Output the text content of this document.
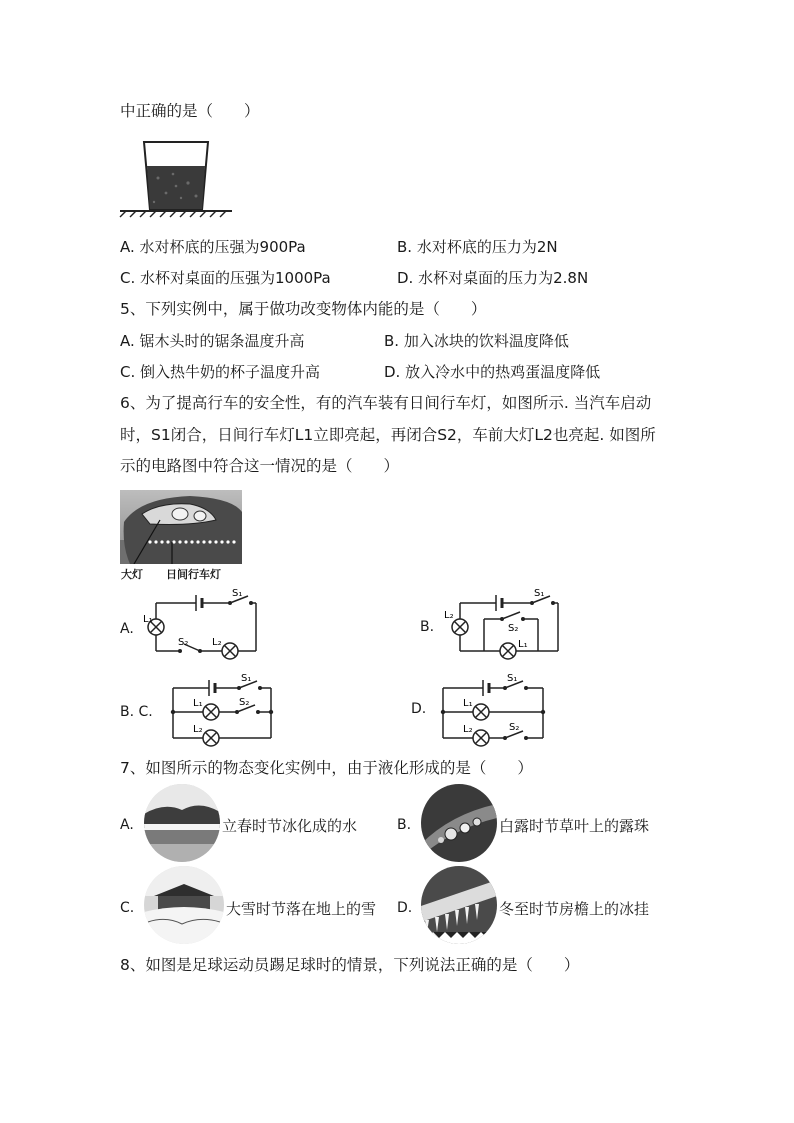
中正确的是（　　）
A. 水对杯底的压强为900Pa	B. 水对杯底的压力为2N
C. 水杯对桌面的压强为1000Pa	D. 水杯对桌面的压力为2.8N
5、下列实例中，属于做功改变物体内能的是（　　）
A. 锯木头时的锯条温度升高	B. 加入冰块的饮料温度降低
C. 倒入热牛奶的杯子温度升高	D. 放入冷水中的热鸡蛋温度降低
6、为了提高行车的安全性，有的汽车装有日间行车灯，如图所示. 当汽车启动
时，S1闭合，日间行车灯L1立即亮起，再闭合S2，车前大灯L2也亮起. 如图所
示的电路图中符合这一情况的是（　　）
大灯 日间行车灯
A.
S₁
L₁
S₂ L₂
B.
S₁
L₂
S₂
L₁
B. C.
S₁
L₁	S₂
L₂
D.
S₁
L₁
S₂
L₂
7、如图所示的物态变化实例中，由于液化形成的是（　　）
A.	立春时节冰化成的水	B.	白露时节草叶上的露珠
C.	大雪时节落在地上的雪 D.	冬至时节房檐上的冰挂
8、如图是足球运动员踢足球时的情景，下列说法正确的是（　　）
